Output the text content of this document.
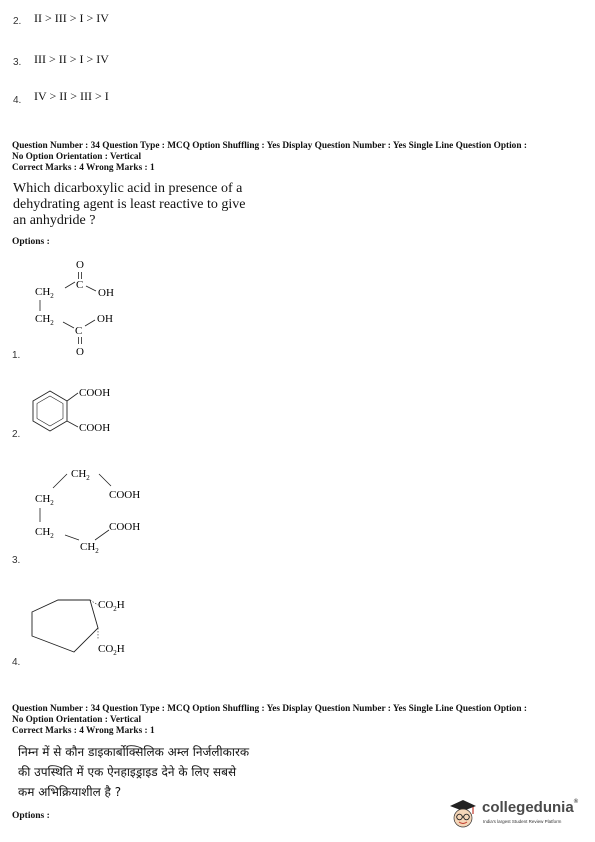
2. II > III > I > IV
3. III > II > I > IV
4. IV > II > III > I
Question Number : 34 Question Type : MCQ Option Shuffling : Yes Display Question Number : Yes Single Line Question Option :
No Option Orientation : Vertical
Correct Marks : 4 Wrong Marks : 1
Which dicarboxylic acid in presence of a
dehydrating agent is least reactive to give
an anhydride ?
Options :
O
C
OH
$CH_2$
$CH_2$	OH
C
O
1.
COOH
COOH
2.
$CH_2$
COOH
$CH_2$
$CH_2$
COOH
$CH_2$
3.
$CO_2H$
$CO_2H$
4.
Question Number : 34 Question Type : MCQ Option Shuffling : Yes Display Question Number : Yes Single Line Question Option :
No Option Orientation : Vertical
Correct Marks : 4 Wrong Marks : 1
निम्न में से कौन डाइकार्बोक्सिलिक अम्ल निर्जलीकारक
की उपस्थिति में एक ऐनहाइड्राइड देने के लिए सबसे
कम अभिक्रियाशील है ?
Options :	collegedunia®
India's largest Student Review Platform
